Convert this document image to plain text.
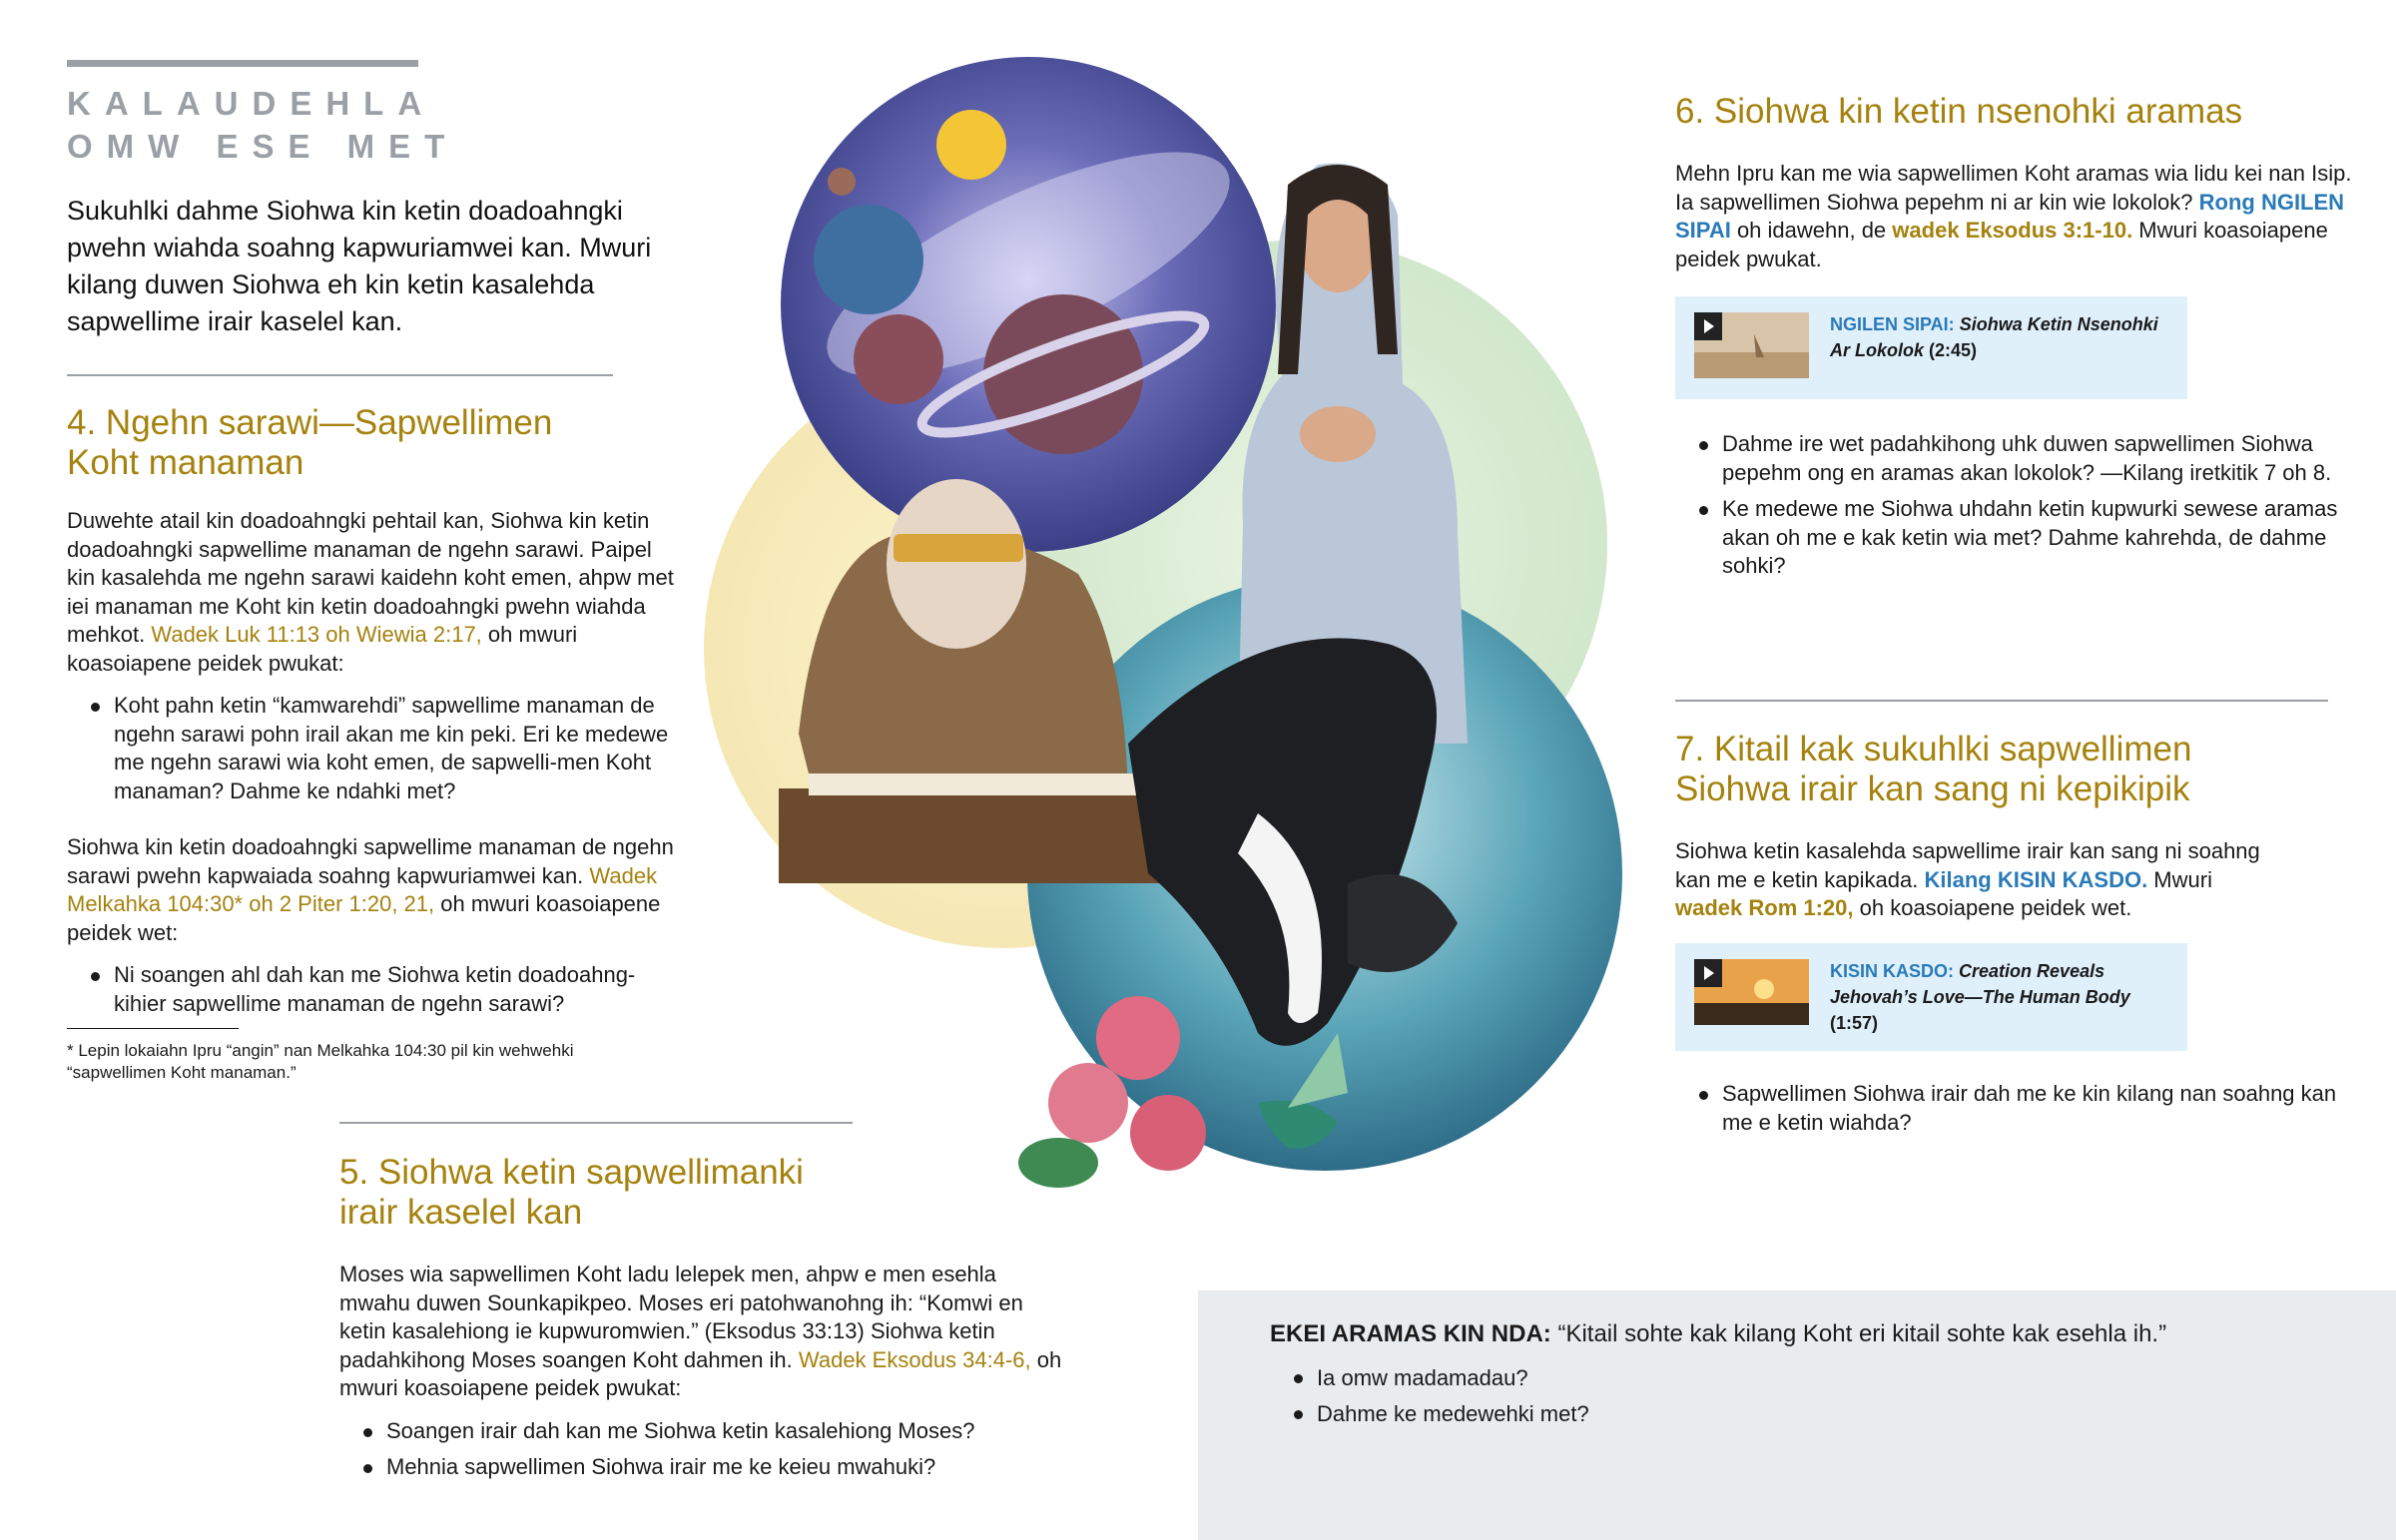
KALAUDEHLA
OMW ESE MET

Sukuhlki dahme Siohwa kin ketin doadoahngki pwehn wiahda soahng kapwuriamwei kan. Mwuri kilang duwen Siohwa eh kin ketin kasalehda sapwellime irair kaselel kan.

4. Ngehn sarawi—Sapwellimen
Koht manaman

Duwehte atail kin doadoahngki pehtail kan, Siohwa kin ketin doadoahngki sapwellime manaman de ngehn sarawi. Paipel kin kasalehda me ngehn sarawi kaidehn koht emen, ahpw met iei manaman me Koht kin ketin doadoahngki pwehn wiahda mehkot. Wadek Luk 11:13 oh Wiewia 2:17, oh mwuri koasoiapene peidek pwukat:

Koht pahn ketin “kamwarehdi” sapwellime manaman de ngehn sarawi pohn irail akan me kin peki. Eri ke medewe me ngehn sarawi wia koht emen, de sapwelli-men Koht manaman? Dahme ke ndahki met?

Siohwa kin ketin doadoahngki sapwellime manaman de ngehn sarawi pwehn kapwaiada soahng kapwuriamwei kan. Wadek Melkahka 104:30* oh 2 Piter 1:20, 21, oh mwuri koasoiapene peidek wet:

Ni soangen ahl dah kan me Siohwa ketin doadoahng-kihier sapwellime manaman de ngehn sarawi?

* Lepin lokaiahn Ipru “angin” nan Melkahka 104:30 pil kin wehwehki “sapwellimen Koht manaman.”

5. Siohwa ketin sapwellimanki
irair kaselel kan

Moses wia sapwellimen Koht ladu lelepek men, ahpw e men esehla mwahu duwen Sounkapikpeo. Moses eri patohwanohng ih: “Komwi en ketin kasalehiong ie kupwuromwien.” (Eksodus 33:13) Siohwa ketin padahkihong Moses soangen Koht dahmen ih. Wadek Eksodus 34:4-6, oh mwuri koasoiapene peidek pwukat:

Soangen irair dah kan me Siohwa ketin kasalehiong Moses?
Mehnia sapwellimen Siohwa irair me ke keieu mwahuki?
6. Siohwa kin ketin nsenohki aramas

Mehn Ipru kan me wia sapwellimen Koht aramas wia lidu kei nan Isip. Ia sapwellimen Siohwa pepehm ni ar kin wie lokolok? Rong NGILEN SIPAI oh idawehn, de wadek Eksodus 3:1-10. Mwuri koasoiapene peidek pwukat.

NGILEN SIPAI: Siohwa Ketin Nsenohki Ar Lokolok (2:45)
Dahme ire wet padahkihong uhk duwen sapwellimen Siohwa pepehm ong en aramas akan lokolok? —Kilang iretkitik 7 oh 8.
Ke medewe me Siohwa uhdahn ketin kupwurki sewese aramas akan oh me e kak ketin wia met? Dahme kahrehda, de dahme sohki?
7. Kitail kak sukuhlki sapwellimen
Siohwa irair kan sang ni kepikipik

Siohwa ketin kasalehda sapwellime irair kan sang ni soahng kan me e ketin kapikada. Kilang KISIN KASDO. Mwuri wadek Rom 1:20, oh koasoiapene peidek wet.

KISIN KASDO: Creation Reveals Jehovah’s Love—The Human Body
(1:57)
Sapwellimen Siohwa irair dah me ke kin kilang nan soahng kan me e ketin wiahda?

EKEI ARAMAS KIN NDA: “Kitail sohte kak kilang Koht eri kitail sohte kak esehla ih.”

Ia omw madamadau?
Dahme ke medewehki met?
